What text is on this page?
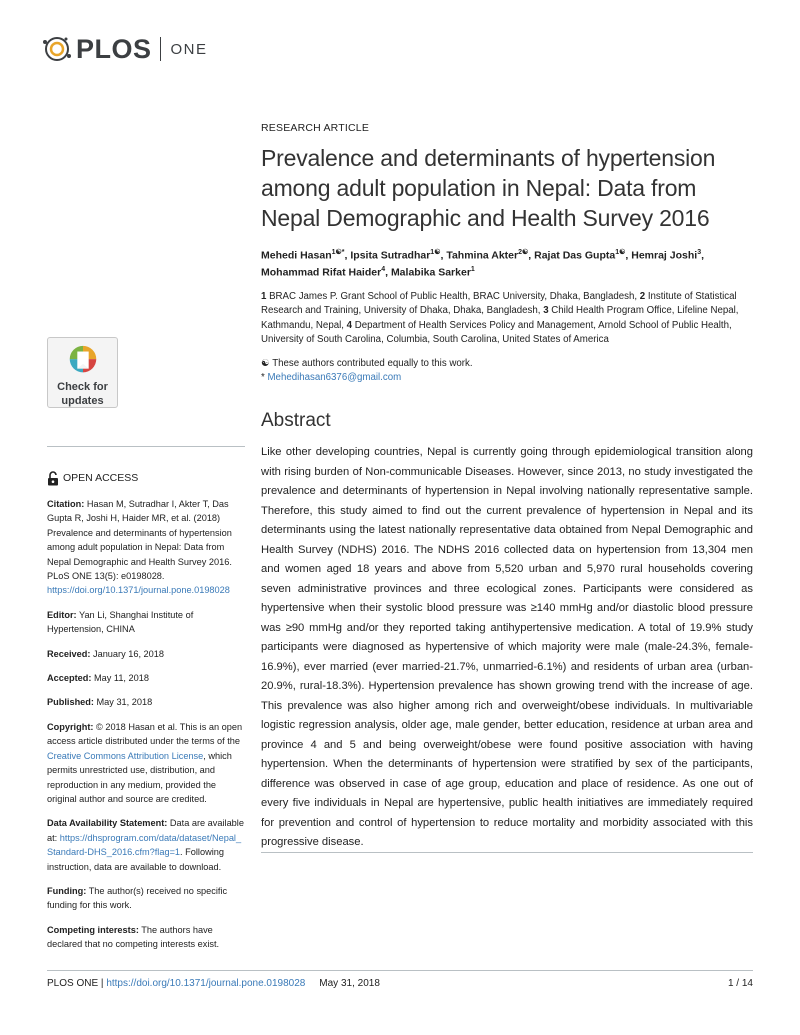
PLOS ONE
Check for
updates
OPEN ACCESS
Citation: Hasan M, Sutradhar I, Akter T, Das Gupta R, Joshi H, Haider MR, et al. (2018) Prevalence and determinants of hypertension among adult population in Nepal: Data from Nepal Demographic and Health Survey 2016. PLoS ONE 13(5): e0198028. https://doi.org/10.1371/journal.pone.0198028
Editor: Yan Li, Shanghai Institute of Hypertension, CHINA
Received: January 16, 2018
Accepted: May 11, 2018
Published: May 31, 2018
Copyright: © 2018 Hasan et al. This is an open access article distributed under the terms of the Creative Commons Attribution License, which permits unrestricted use, distribution, and reproduction in any medium, provided the original author and source are credited.
Data Availability Statement: Data are available at: https://dhsprogram.com/data/dataset/Nepal_Standard-DHS_2016.cfm?flag=1. Following instruction, data are available to download.
Funding: The author(s) received no specific funding for this work.
Competing interests: The authors have declared that no competing interests exist.
RESEARCH ARTICLE
Prevalence and determinants of hypertension among adult population in Nepal: Data from Nepal Demographic and Health Survey 2016
Mehedi Hasan$^{1☯*}$, Ipsita Sutradhar$^{1☯}$, Tahmina Akter$^{2☯}$, Rajat Das Gupta$^{1☯}$, Hemraj Joshi$^3$, Mohammad Rifat Haider$^4$, Malabika Sarker$^1$
1 BRAC James P. Grant School of Public Health, BRAC University, Dhaka, Bangladesh, 2 Institute of Statistical Research and Training, University of Dhaka, Dhaka, Bangladesh, 3 Child Health Program Office, Lifeline Nepal, Kathmandu, Nepal, 4 Department of Health Services Policy and Management, Arnold School of Public Health, University of South Carolina, Columbia, South Carolina, United States of America
☯ These authors contributed equally to this work.
* Mehedihasan6376@gmail.com
Abstract

Like other developing countries, Nepal is currently going through epidemiological transition along with rising burden of Non-communicable Diseases. However, since 2013, no study investigated the prevalence and determinants of hypertension in Nepal involving nationally representative sample. Therefore, this study aimed to find out the current prevalence of hypertension in Nepal and its determinants using the latest nationally representative data obtained from Nepal Demographic and Health Survey (NDHS) 2016. The NDHS 2016 collected data on hypertension from 13,304 men and women aged 18 years and above from 5,520 urban and 5,970 rural households covering seven administrative provinces and three ecological zones. Participants were considered as hypertensive when their systolic blood pressure was ≥140 mmHg and/or diastolic blood pressure was ≥90 mmHg and/or they reported taking antihypertensive medication. A total of 19.9% study participants were diagnosed as hypertensive of which majority were male (male-24.3%, female-16.9%), ever married (ever married-21.7%, unmarried-6.1%) and residents of urban area (urban-20.9%, rural-18.3%). Hypertension prevalence has shown growing trend with the increase of age. This prevalence was also higher among rich and overweight/obese individuals. In multivariable logistic regression analysis, older age, male gender, better education, residence at urban area and province 4 and 5 and being overweight/obese were found positive association with having hypertension. When the determinants of hypertension were stratified by sex of the participants, difference was observed in case of age group, education and place of residence. As one out of every five individuals in Nepal are hypertensive, public health initiatives are immediately required for prevention and control of hypertension to reduce mortality and morbidity associated with this progressive disease.

PLOS ONE | https://doi.org/10.1371/journal.pone.0198028 May 31, 2018	1 / 14
